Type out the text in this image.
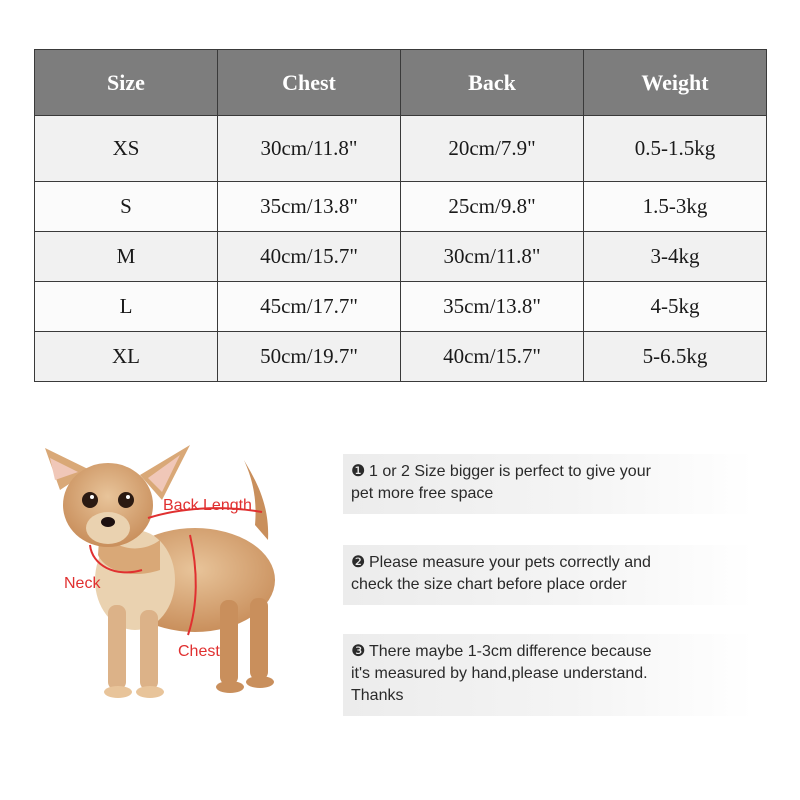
Size	Chest	Back	Weight
XS	30cm/11.8"	20cm/7.9"	0.5-1.5kg
S	35cm/13.8"	25cm/9.8"	1.5-3kg
M	40cm/15.7"	30cm/11.8"	3-4kg
L	45cm/17.7"	35cm/13.8"	4-5kg
XL	50cm/19.7"	40cm/15.7"	5-6.5kg
Back Length
Neck
Chest
❶ 1 or 2 Size bigger is perfect to give your
pet more free space
❷ Please measure your pets correctly and
check the size chart before place order
❸ There maybe 1-3cm difference because
it's measured by hand,please understand.
Thanks
